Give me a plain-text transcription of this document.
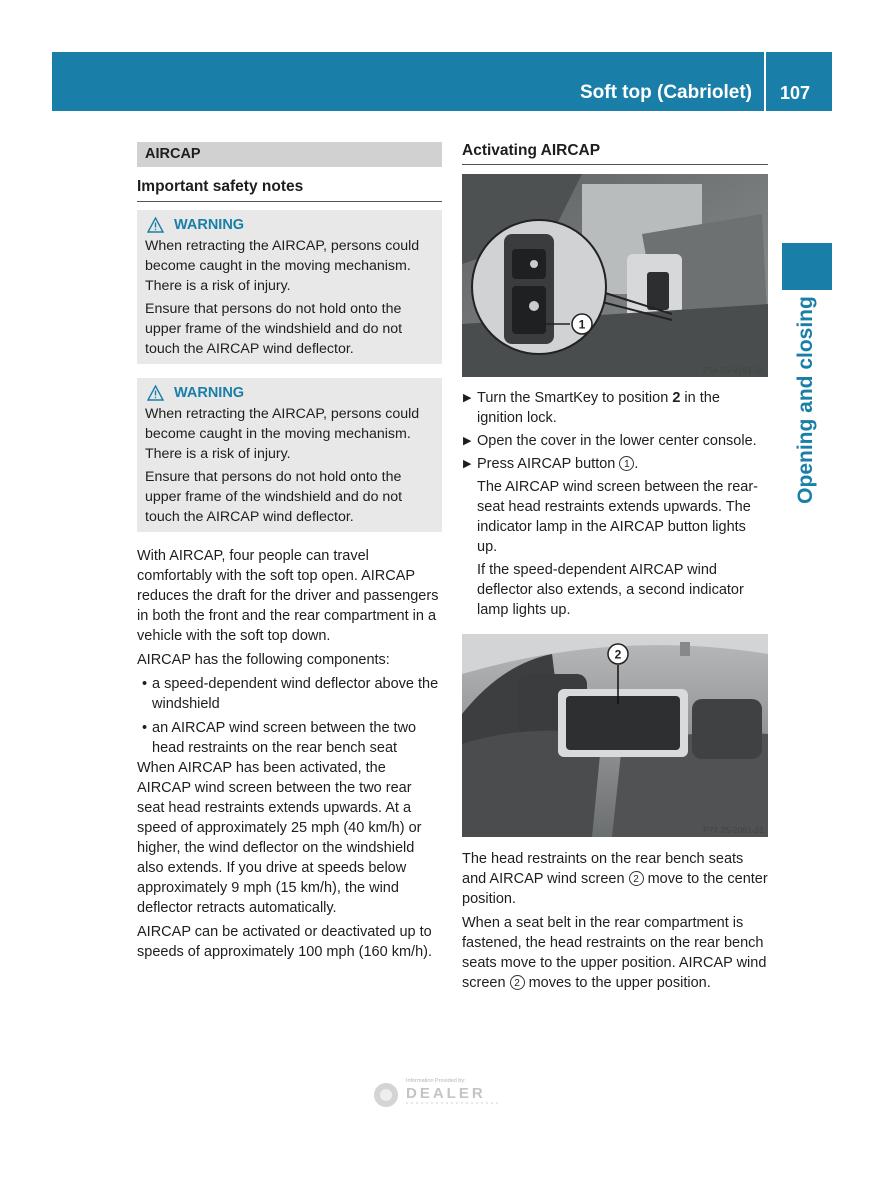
Soft top (Cabriolet) 107
Opening and closing
AIRCAP
Important safety notes
WARNING

When retracting the AIRCAP, persons could become caught in the moving mechanism. There is a risk of injury.

Ensure that persons do not hold onto the upper frame of the windshield and do not touch the AIRCAP wind deflector.

WARNING

When retracting the AIRCAP, persons could become caught in the moving mechanism. There is a risk of injury.

Ensure that persons do not hold onto the upper frame of the windshield and do not touch the AIRCAP wind deflector.

With AIRCAP, four people can travel comfortably with the soft top open. AIRCAP reduces the draft for the driver and passengers in both the front and the rear compartment in a vehicle with the soft top down.

AIRCAP has the following components:

• a speed-dependent wind deflector above the windshield
• an AIRCAP wind screen between the two head restraints on the rear bench seat

When AIRCAP has been activated, the AIRCAP wind screen between the two rear seat head restraints extends upwards. At a speed of approximately 25 mph (40 km/h) or higher, the wind deflector on the windshield also extends. If you drive at speeds below approximately 9 mph (15 km/h), the wind deflector retracts automatically.

AIRCAP can be activated or deactivated up to speeds of approximately 100 mph (160 km/h).

Activating AIRCAP
1
P54.25-9191-31
▶ Turn the SmartKey to position 2 in the ignition lock.
▶ Open the cover in the lower center console.
▶ Press AIRCAP button 1 .
The AIRCAP wind screen between the rear-seat head restraints extends upwards. The indicator lamp in the AIRCAP button lights up.
If the speed-dependent AIRCAP wind deflector also extends, a second indicator lamp lights up.
2
P77.25-2081-31

The head restraints on the rear bench seats and AIRCAP wind screen 2 move to the center position.

When a seat belt in the rear compartment is fastened, the head restraints on the rear bench seats move to the upper position. AIRCAP wind screen 2 moves to the upper position.

Information Provided by:
DEALER
